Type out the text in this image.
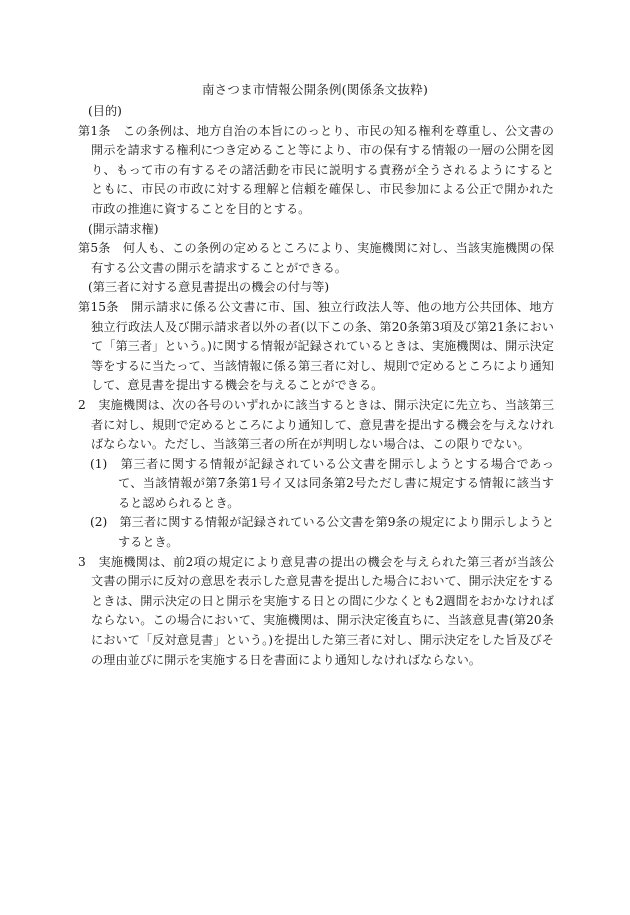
南さつま市情報公開条例(関係条文抜粋)

(目的)

第1条　 この条例は、地方自治の本旨にのっとり、市民の知る権利を尊重し、公文書の開示を請求する権利につき定めること等により、市の保有する情報の一層の公開を図り、もって市の有するその諸活動を市民に説明する責務が全うされるようにするとともに、市民の市政に対する理解と信頼を確保し、市民参加による公正で開かれた市政の推進に資することを目的とする。

(開示請求権)

第5条　 何人も、この条例の定めるところにより、実施機関に対し、当該実施機関の保有する公文書の開示を請求することができる。

(第三者に対する意見書提出の機会の付与等)

第15条　 開示請求に係る公文書に市、国、独立行政法人等、他の地方公共団体、地方独立行政法人及び開示請求者以外の者(以下この条、第20条第3項及び第21条において「第三者」という。)に関する情報が記録されているときは、実施機関は、開示決定等をするに当たって、当該情報に係る第三者に対し、規則で定めるところにより通知して、意見書を提出する機会を与えることができる。

2　 実施機関は、次の各号のいずれかに該当するときは、開示決定に先立ち、当該第三者に対し、規則で定めるところにより通知して、意見書を提出する機会を与えなければならない。ただし、当該第三者の所在が判明しない場合は、この限りでない。

(1)　 第三者に関する情報が記録されている公文書を開示しようとする場合であって、当該情報が第7条第1号イ又は同条第2号ただし書に規定する情報に該当すると認められるとき。

(2)　 第三者に関する情報が記録されている公文書を第9条の規定により開示しようとするとき。

3　 実施機関は、前2項の規定により意見書の提出の機会を与えられた第三者が当該公文書の開示に反対の意思を表示した意見書を提出した場合において、開示決定をするときは、開示決定の日と開示を実施する日との間に少なくとも2週間をおかなければならない。この場合において、実施機関は、開示決定後直ちに、当該意見書(第20条において「反対意見書」という。)を提出した第三者に対し、開示決定をした旨及びその理由並びに開示を実施する日を書面により通知しなければならない。
